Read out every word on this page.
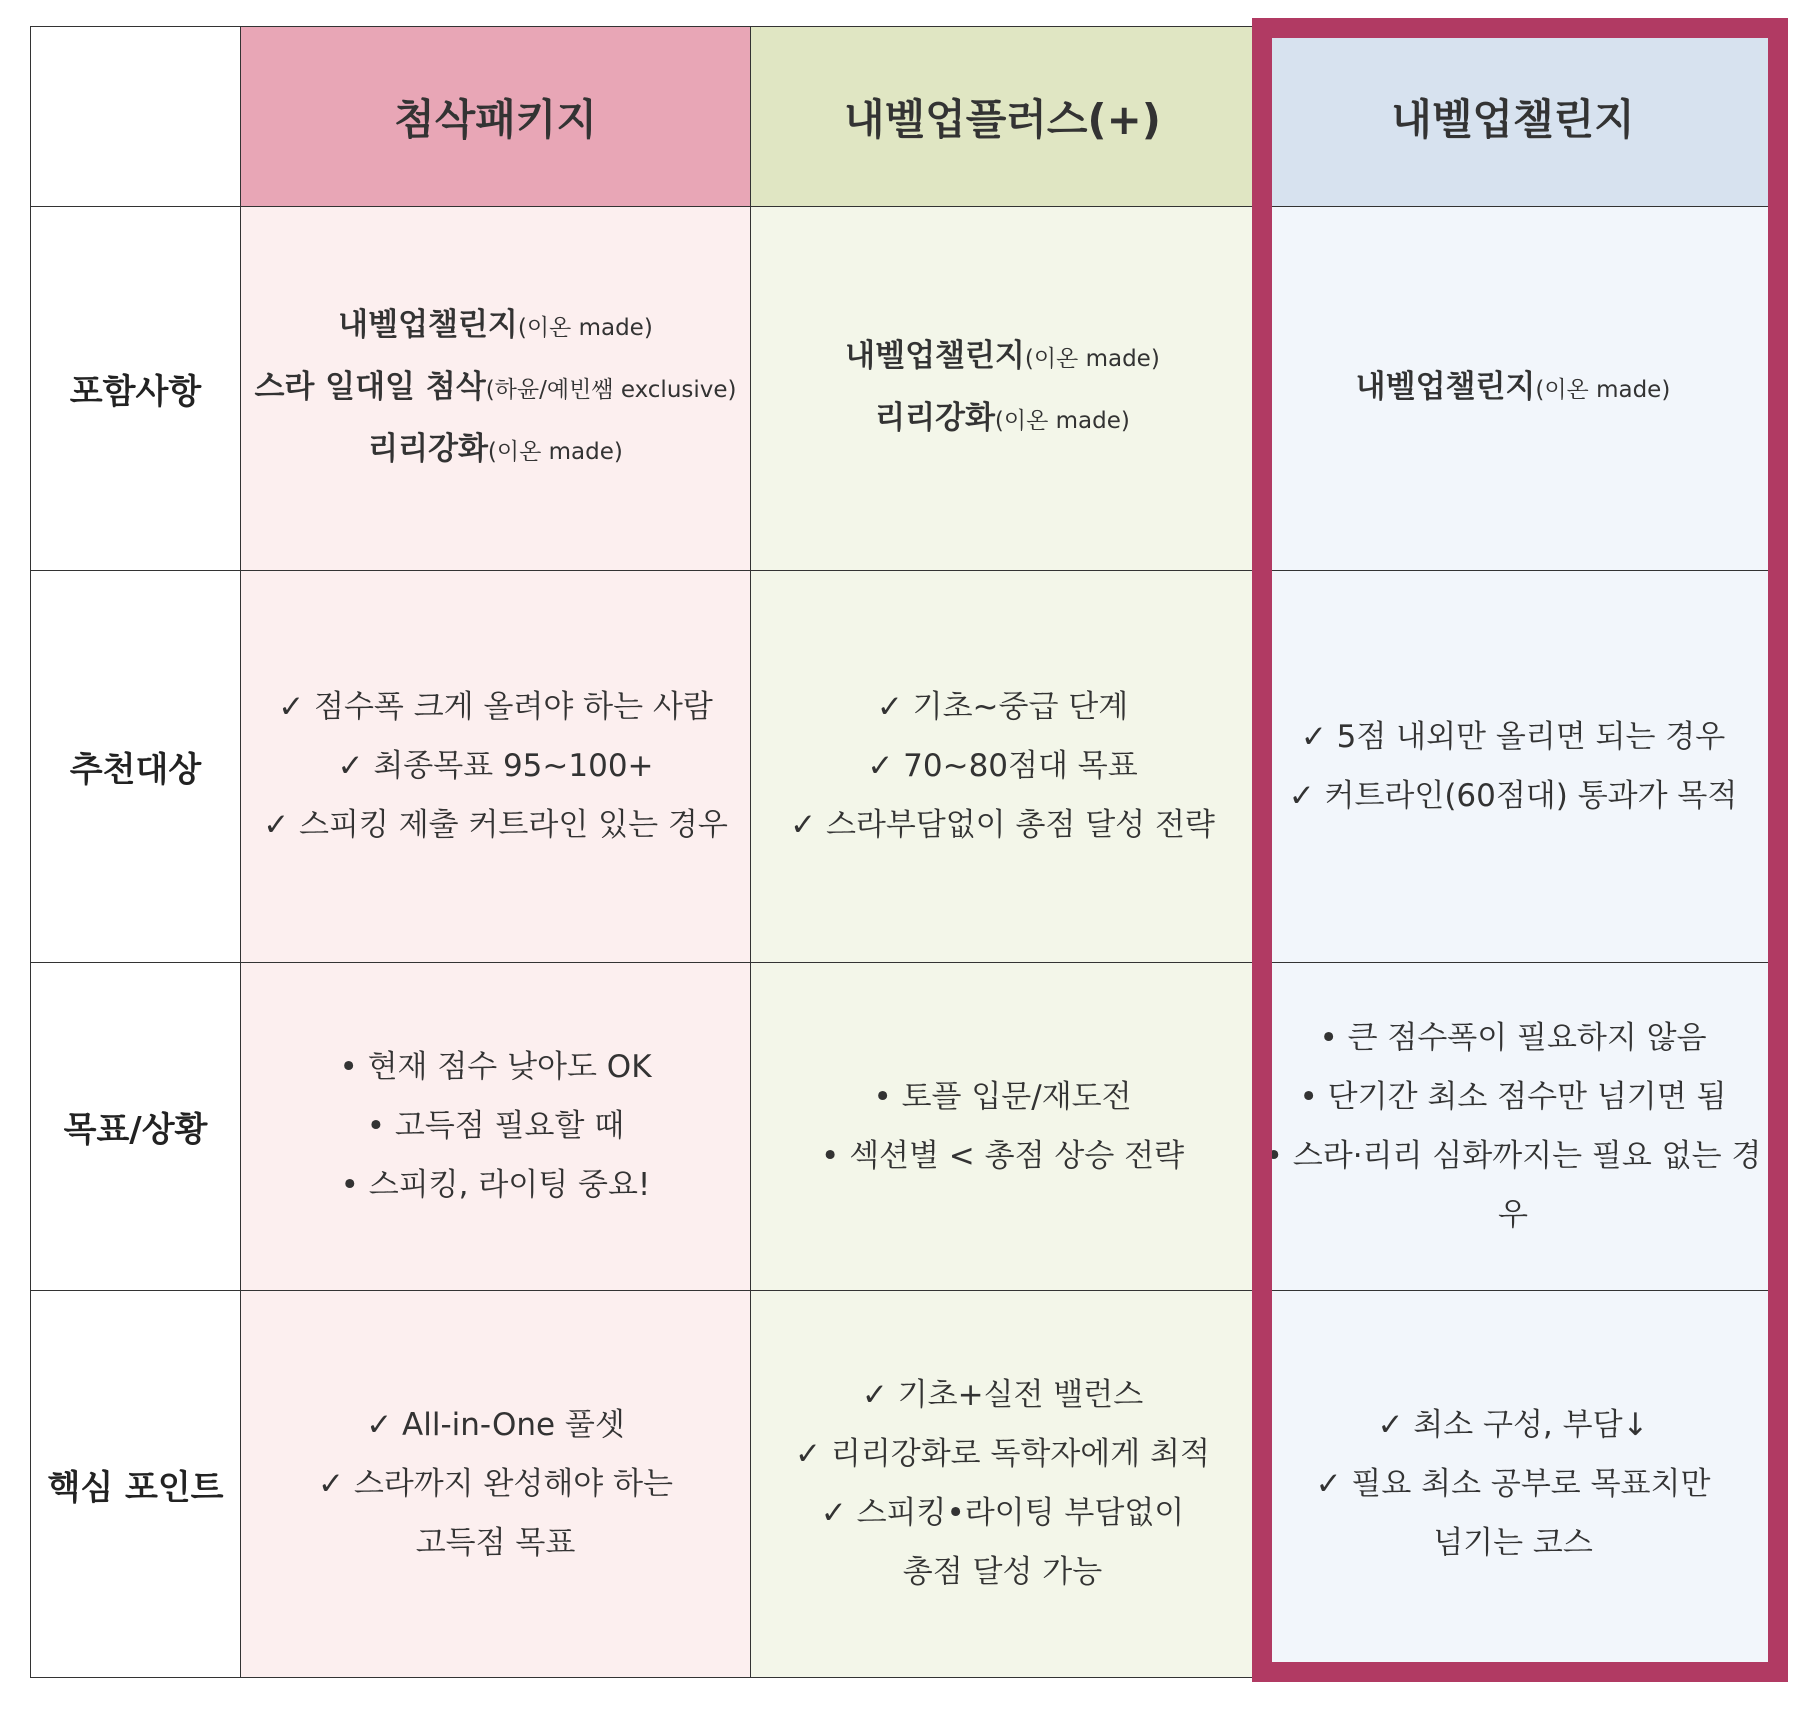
첨삭패키지	내벨업플러스(+)	내벨업챌린지
포함사항
내벨업챌린지(이온 made)
스라 일대일 첨삭(하윤/예빈쌤 exclusive)
리리강화(이온 made)
내벨업챌린지(이온 made)
리리강화(이온 made)
내벨업챌린지(이온 made)
추천대상
✓ 점수폭 크게 올려야 하는 사람
✓ 최종목표 95~100+
✓ 스피킹 제출 커트라인 있는 경우
✓ 기초~중급 단계
✓ 70~80점대 목표
✓ 스라부담없이 총점 달성 전략
✓ 5점 내외만 올리면 되는 경우
✓ 커트라인(60점대) 통과가 목적
목표/상황
• 현재 점수 낮아도 OK
• 고득점 필요할 때
• 스피킹, 라이팅 중요!
• 토플 입문/재도전
• 섹션별 < 총점 상승 전략
• 큰 점수폭이 필요하지 않음
• 단기간 최소 점수만 넘기면 됨
• 스라·리리 심화까지는 필요 없는 경
우
핵심 포인트
✓ All-in-One 풀셋
✓ 스라까지 완성해야 하는
고득점 목표
✓ 기초+실전 밸런스
✓ 리리강화로 독학자에게 최적
✓ 스피킹•라이팅 부담없이
총점 달성 가능
✓ 최소 구성, 부담↓
✓ 필요 최소 공부로 목표치만
넘기는 코스
